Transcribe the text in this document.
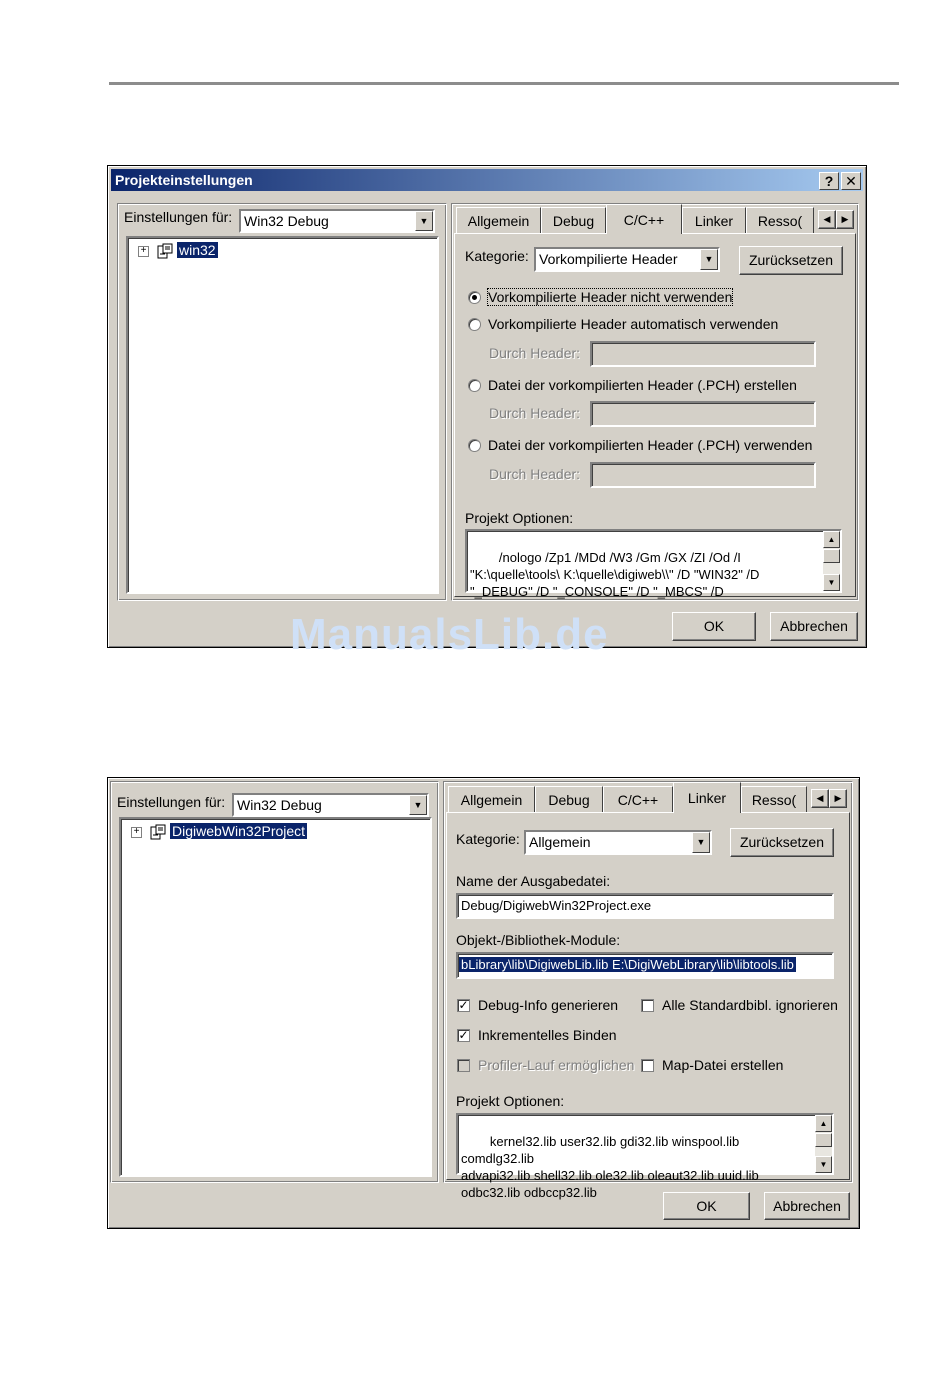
Projekteinstellungen	? ✕
Einstellungen für: Win32 Debug	▼
+ win32
Allgemein	Debug	C/C++	Linker	Resso(	◀	▶
Kategorie: Vorkompilierte Header	▼	Zurücksetzen
Vorkompilierte Header nicht verwenden
Vorkompilierte Header automatisch verwenden
Durch Header:
Datei der vorkompilierten Header (.PCH) erstellen
Durch Header:
Datei der vorkompilierten Header (.PCH) verwenden
Durch Header:
Projekt Optionen:

/nologo /Zp1 /MDd /W3 /Gm /GX /ZI /Od /I
"K:\quelle\tools\ K:\quelle\digiweb\\" /D "WIN32" /D
"_DEBUG" /D "_CONSOLE" /D "_MBCS" /D

▲

▼

OK	Abbrechen
ManualsLib.de
Einstellungen für: Win32 Debug	▼
+ DigiwebWin32Project
Allgemein	Debug	C/C++	Linker	Resso(	◀	▶
Kategorie: Allgemein	▼	Zurücksetzen
Name der Ausgabedatei:
Debug/DigiwebWin32Project.exe
Objekt-/Bibliothek-Module:
bLibrary\lib\DigiwebLib.lib E:\DigiWebLibrary\lib\libtools.lib
✓ Debug-Info generieren	Alle Standardbibl. ignorieren
✓ Inkrementelles Binden
Profiler-Lauf ermöglichen Map-Datei erstellen
Projekt Optionen:

kernel32.lib user32.lib gdi32.lib winspool.lib comdlg32.lib
advapi32.lib shell32.lib ole32.lib oleaut32.lib uuid.lib
odbc32.lib odbccp32.lib

▲

▼

OK	Abbrechen
